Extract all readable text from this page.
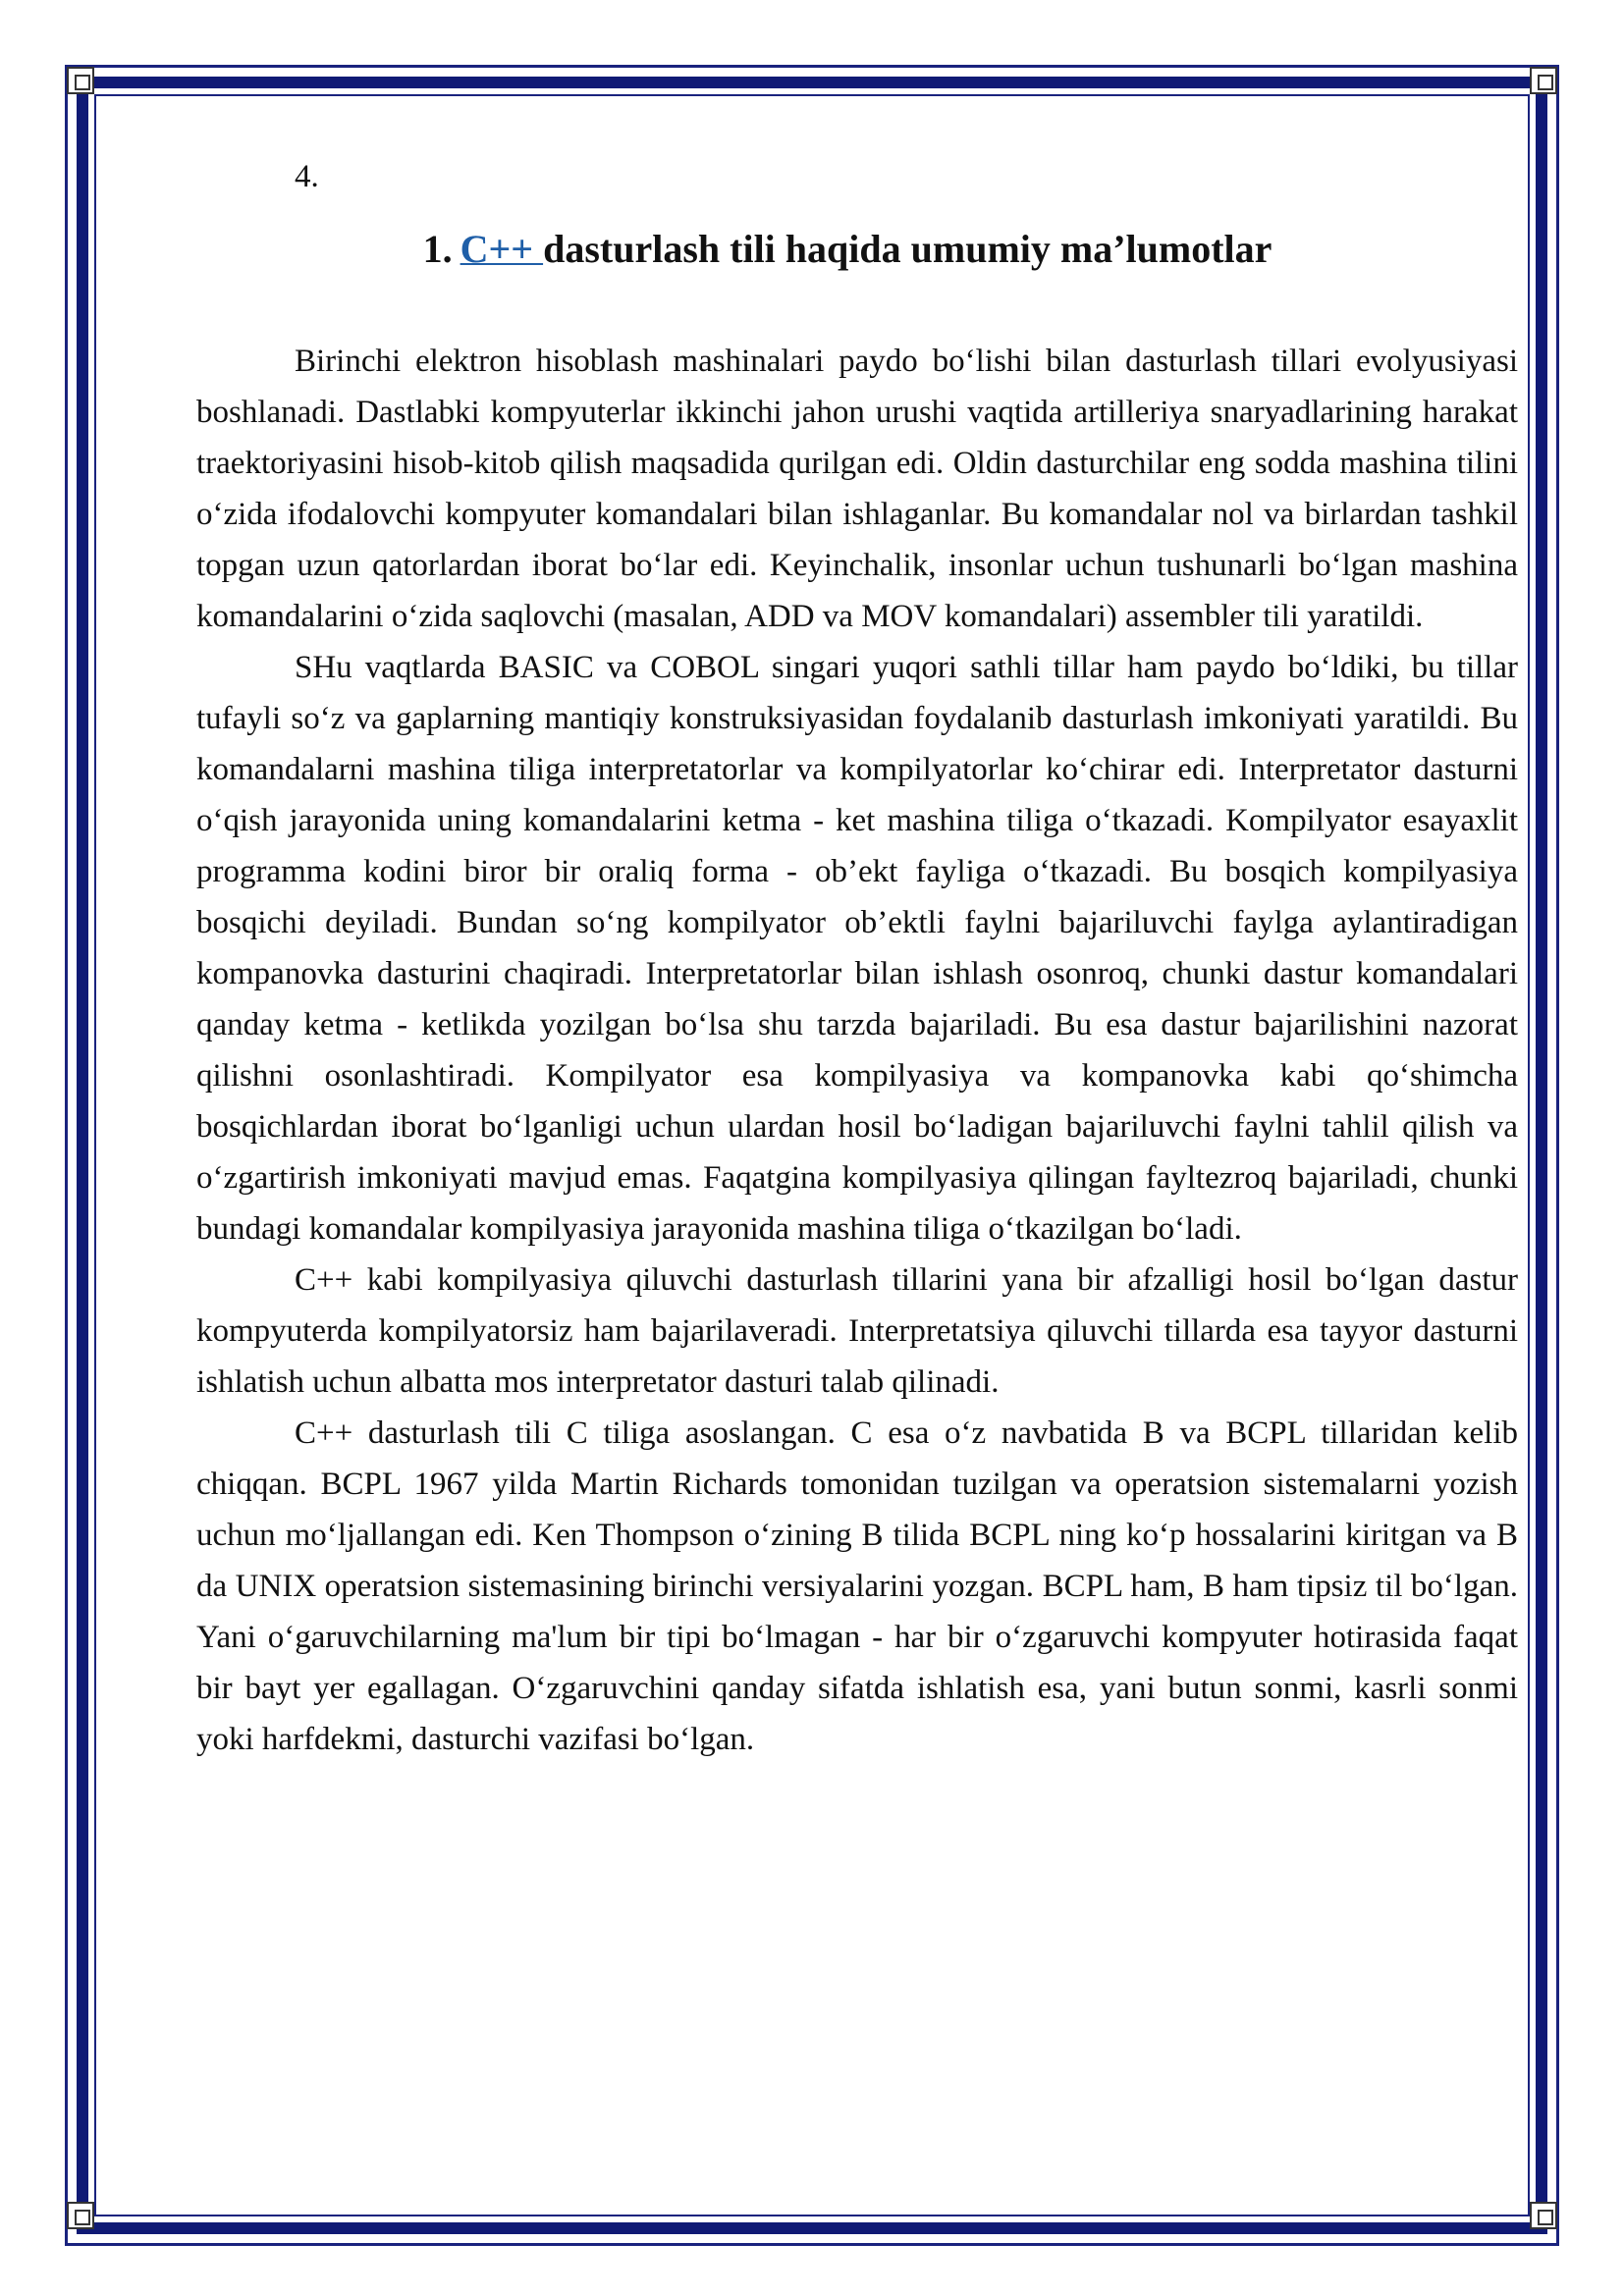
4.
1. C++ dasturlash tili haqida umumiy ma’lumotlar

Birinchi elektron hisoblash mashinalari paydo bo‘lishi bilan dasturlash tillari evolyusiyasi boshlanadi. Dastlabki kompyuterlar ikkinchi jahon urushi vaqtida artilleriya snaryadlarining harakat traektoriyasini hisob-kitob qilish maqsadida qurilgan edi. Oldin dasturchilar eng sodda mashina tilini o‘zida ifodalovchi kompyuter komandalari bilan ishlaganlar. Bu komandalar nol va birlardan tashkil topgan uzun qatorlardan iborat bo‘lar edi. Keyinchalik, insonlar uchun tushunarli bo‘lgan mashina komandalarini o‘zida saqlovchi (masalan, ADD va MOV komandalari) assembler tili yaratildi.

SHu vaqtlarda BASIC va COBOL singari yuqori sathli tillar ham paydo bo‘ldiki, bu tillar tufayli so‘z va gaplarning mantiqiy konstruksiyasidan foydalanib dasturlash imkoniyati yaratildi. Bu komandalarni mashina tiliga interpretatorlar va kompilyatorlar ko‘chirar edi. Interpretator dasturni o‘qish jarayonida uning komandalarini ketma - ket mashina tiliga o‘tkazadi. Kompilyator esayaxlit programma kodini biror bir oraliq forma - ob’ekt fayliga o‘tkazadi. Bu bosqich kompilyasiya bosqichi deyiladi. Bundan so‘ng kompilyator ob’ektli faylni bajariluvchi faylga aylantiradigan kompanovka dasturini chaqiradi. Interpretatorlar bilan ishlash osonroq, chunki dastur komandalari qanday ketma - ketlikda yozilgan bo‘lsa shu tarzda bajariladi. Bu esa dastur bajarilishini nazorat qilishni osonlashtiradi. Kompilyator esa kompilyasiya va kompanovka kabi qo‘shimcha bosqichlardan iborat bo‘lganligi uchun ulardan hosil bo‘ladigan bajariluvchi faylni tahlil qilish va o‘zgartirish imkoniyati mavjud emas. Faqatgina kompilyasiya qilingan fayltezroq bajariladi, chunki bundagi komandalar kompilyasiya jarayonida mashina tiliga o‘tkazilgan bo‘ladi.

C++ kabi kompilyasiya qiluvchi dasturlash tillarini yana bir afzalligi hosil bo‘lgan dastur kompyuterda kompilyatorsiz ham bajarilaveradi. Interpretatsiya qiluvchi tillarda esa tayyor dasturni ishlatish uchun albatta mos interpretator dasturi talab qilinadi.

C++ dasturlash tili C tiliga asoslangan. C esa o‘z navbatida B va BCPL tillaridan kelib chiqqan. BCPL 1967 yilda Martin Richards tomonidan tuzilgan va operatsion sistemalarni yozish uchun mo‘ljallangan edi. Ken Thompson o‘zining B tilida BCPL ning ko‘p hossalarini kiritgan va B da UNIX operatsion sistemasining birinchi versiyalarini yozgan. BCPL ham, B ham tipsiz til bo‘lgan. Yani o‘garuvchilarning ma'lum bir tipi bo‘lmagan - har bir o‘zgaruvchi kompyuter hotirasida faqat bir bayt yer egallagan. O‘zgaruvchini qanday sifatda ishlatish esa, yani butun sonmi, kasrli sonmi yoki harfdekmi, dasturchi vazifasi bo‘lgan.
